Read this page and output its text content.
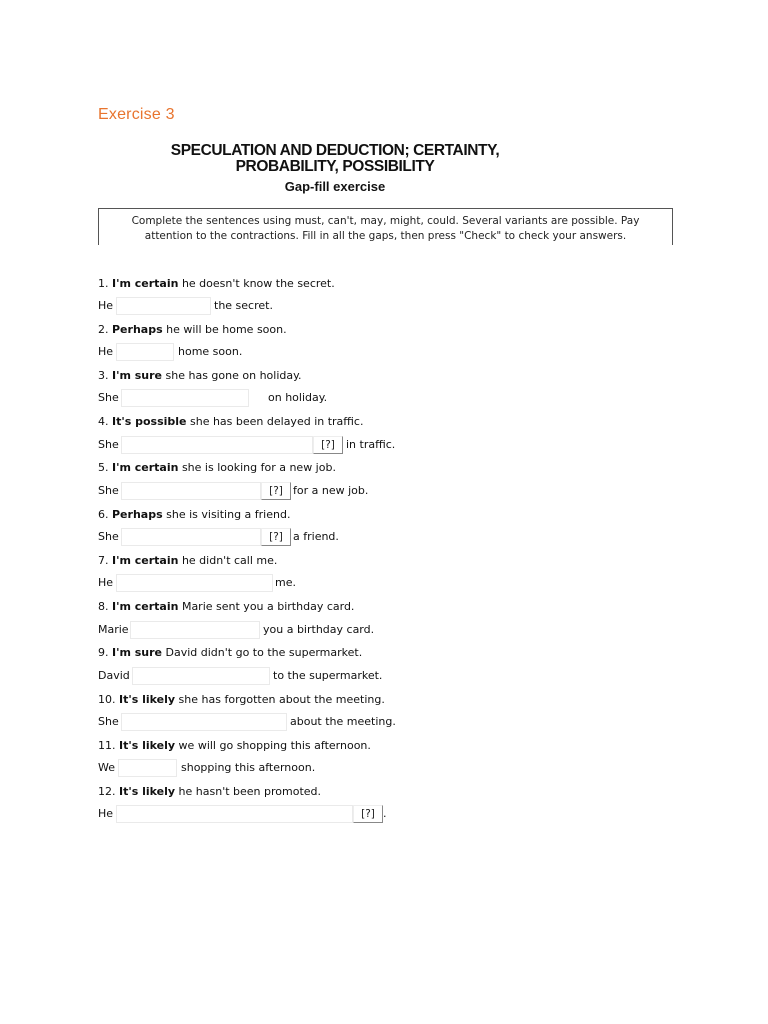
Exercise 3
SPECULATION AND DEDUCTION; CERTAINTY, PROBABILITY, POSSIBILITY
Gap-fill exercise
Complete the sentences using must, can't, may, might, could. Several variants are possible. Pay attention to the contractions. Fill in all the gaps, then press "Check" to check your answers.
1. I'm certain he doesn't know the secret.
He	the secret.
2. Perhaps he will be home soon.
He	home soon.
3. I'm sure she has gone on holiday.
She	on holiday.
4. It's possible she has been delayed in traffic.
She	[?]	in traffic.
5. I'm certain she is looking for a new job.
She	[?] for a new job.
6. Perhaps she is visiting a friend.
She	[?] a friend.
7. I'm certain he didn't call me.
He	me.
8. I'm certain Marie sent you a birthday card.
Marie	you a birthday card.
9. I'm sure David didn't go to the supermarket.
David	to the supermarket.
10. It's likely she has forgotten about the meeting.
She	about the meeting.
11. It's likely we will go shopping this afternoon.
We	shopping this afternoon.
12. It's likely he hasn't been promoted.
He	[?] .
